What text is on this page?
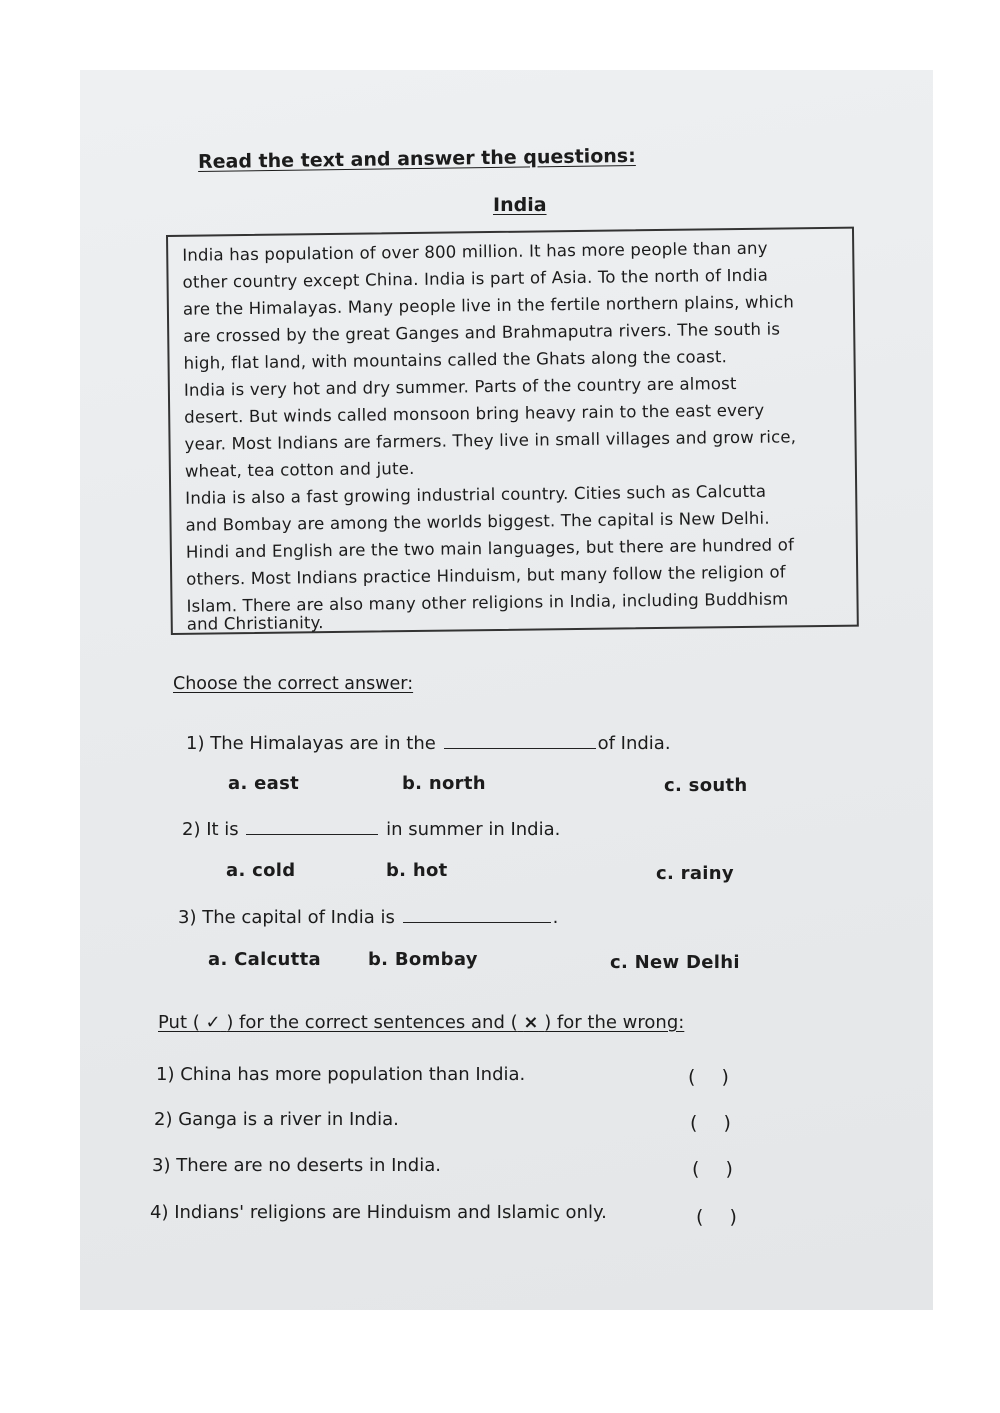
Read the text and answer the questions:
India
India has population of over 800 million. It has more people than any
other country except China. India is part of Asia. To the north of India
are the Himalayas. Many people live in the fertile northern plains, which
are crossed by the great Ganges and Brahmaputra rivers. The south is
high, flat land, with mountains called the Ghats along the coast.
India is very hot and dry summer. Parts of the country are almost
desert. But winds called monsoon bring heavy rain to the east every
year. Most Indians are farmers. They live in small villages and grow rice,
wheat, tea cotton and jute.
India is also a fast growing industrial country. Cities such as Calcutta
and Bombay are among the worlds biggest. The capital is New Delhi.
Hindi and English are the two main languages, but there are hundred of
others. Most Indians practice Hinduism, but many follow the religion of
Islam. There are also many other religions in India, including Buddhism
and Christianity.
Choose the correct answer:
1) The Himalayas are in the	of India.
a. east	b. north	c. south
2) It is	in summer in India.
a. cold	b. hot	c. rainy
3) The capital of India is	.
a. Calcutta	b. Bombay	c. New Delhi
Put ( ✓ ) for the correct sentences and ( × ) for the wrong:
1) China has more population than India.	( )
2) Ganga is a river in India.	( )
3) There are no deserts in India.	( )
4) Indians' religions are Hinduism and Islamic only.	( )
